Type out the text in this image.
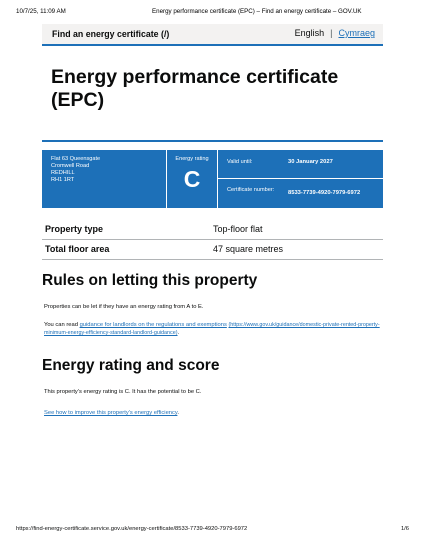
10/7/25, 11:09 AM	Energy performance certificate (EPC) – Find an energy certificate – GOV.UK
Find an energy certificate (/)	English | Cymraeg
Energy performance certificate (EPC)
Flat 63 Queensgate
Cromwell Road
REDHILL
RH1 1RT
Energy rating
C
Valid until:	30 January 2027
Certificate number:	8533-7739-4920-7979-6972
Property type	Top-floor flat
Total floor area	47 square metres
Rules on letting this property

Properties can be let if they have an energy rating from A to E.

You can read guidance for landlords on the regulations and exemptions (https://www.gov.uk/guidance/domestic-private-rented-property-minimum-energy-efficiency-standard-landlord-guidance).

Energy rating and score

This property’s energy rating is C. It has the potential to be C.

See how to improve this property’s energy efficiency.

https://find-energy-certificate.service.gov.uk/energy-certificate/8533-7739-4920-7979-6972	1/6
